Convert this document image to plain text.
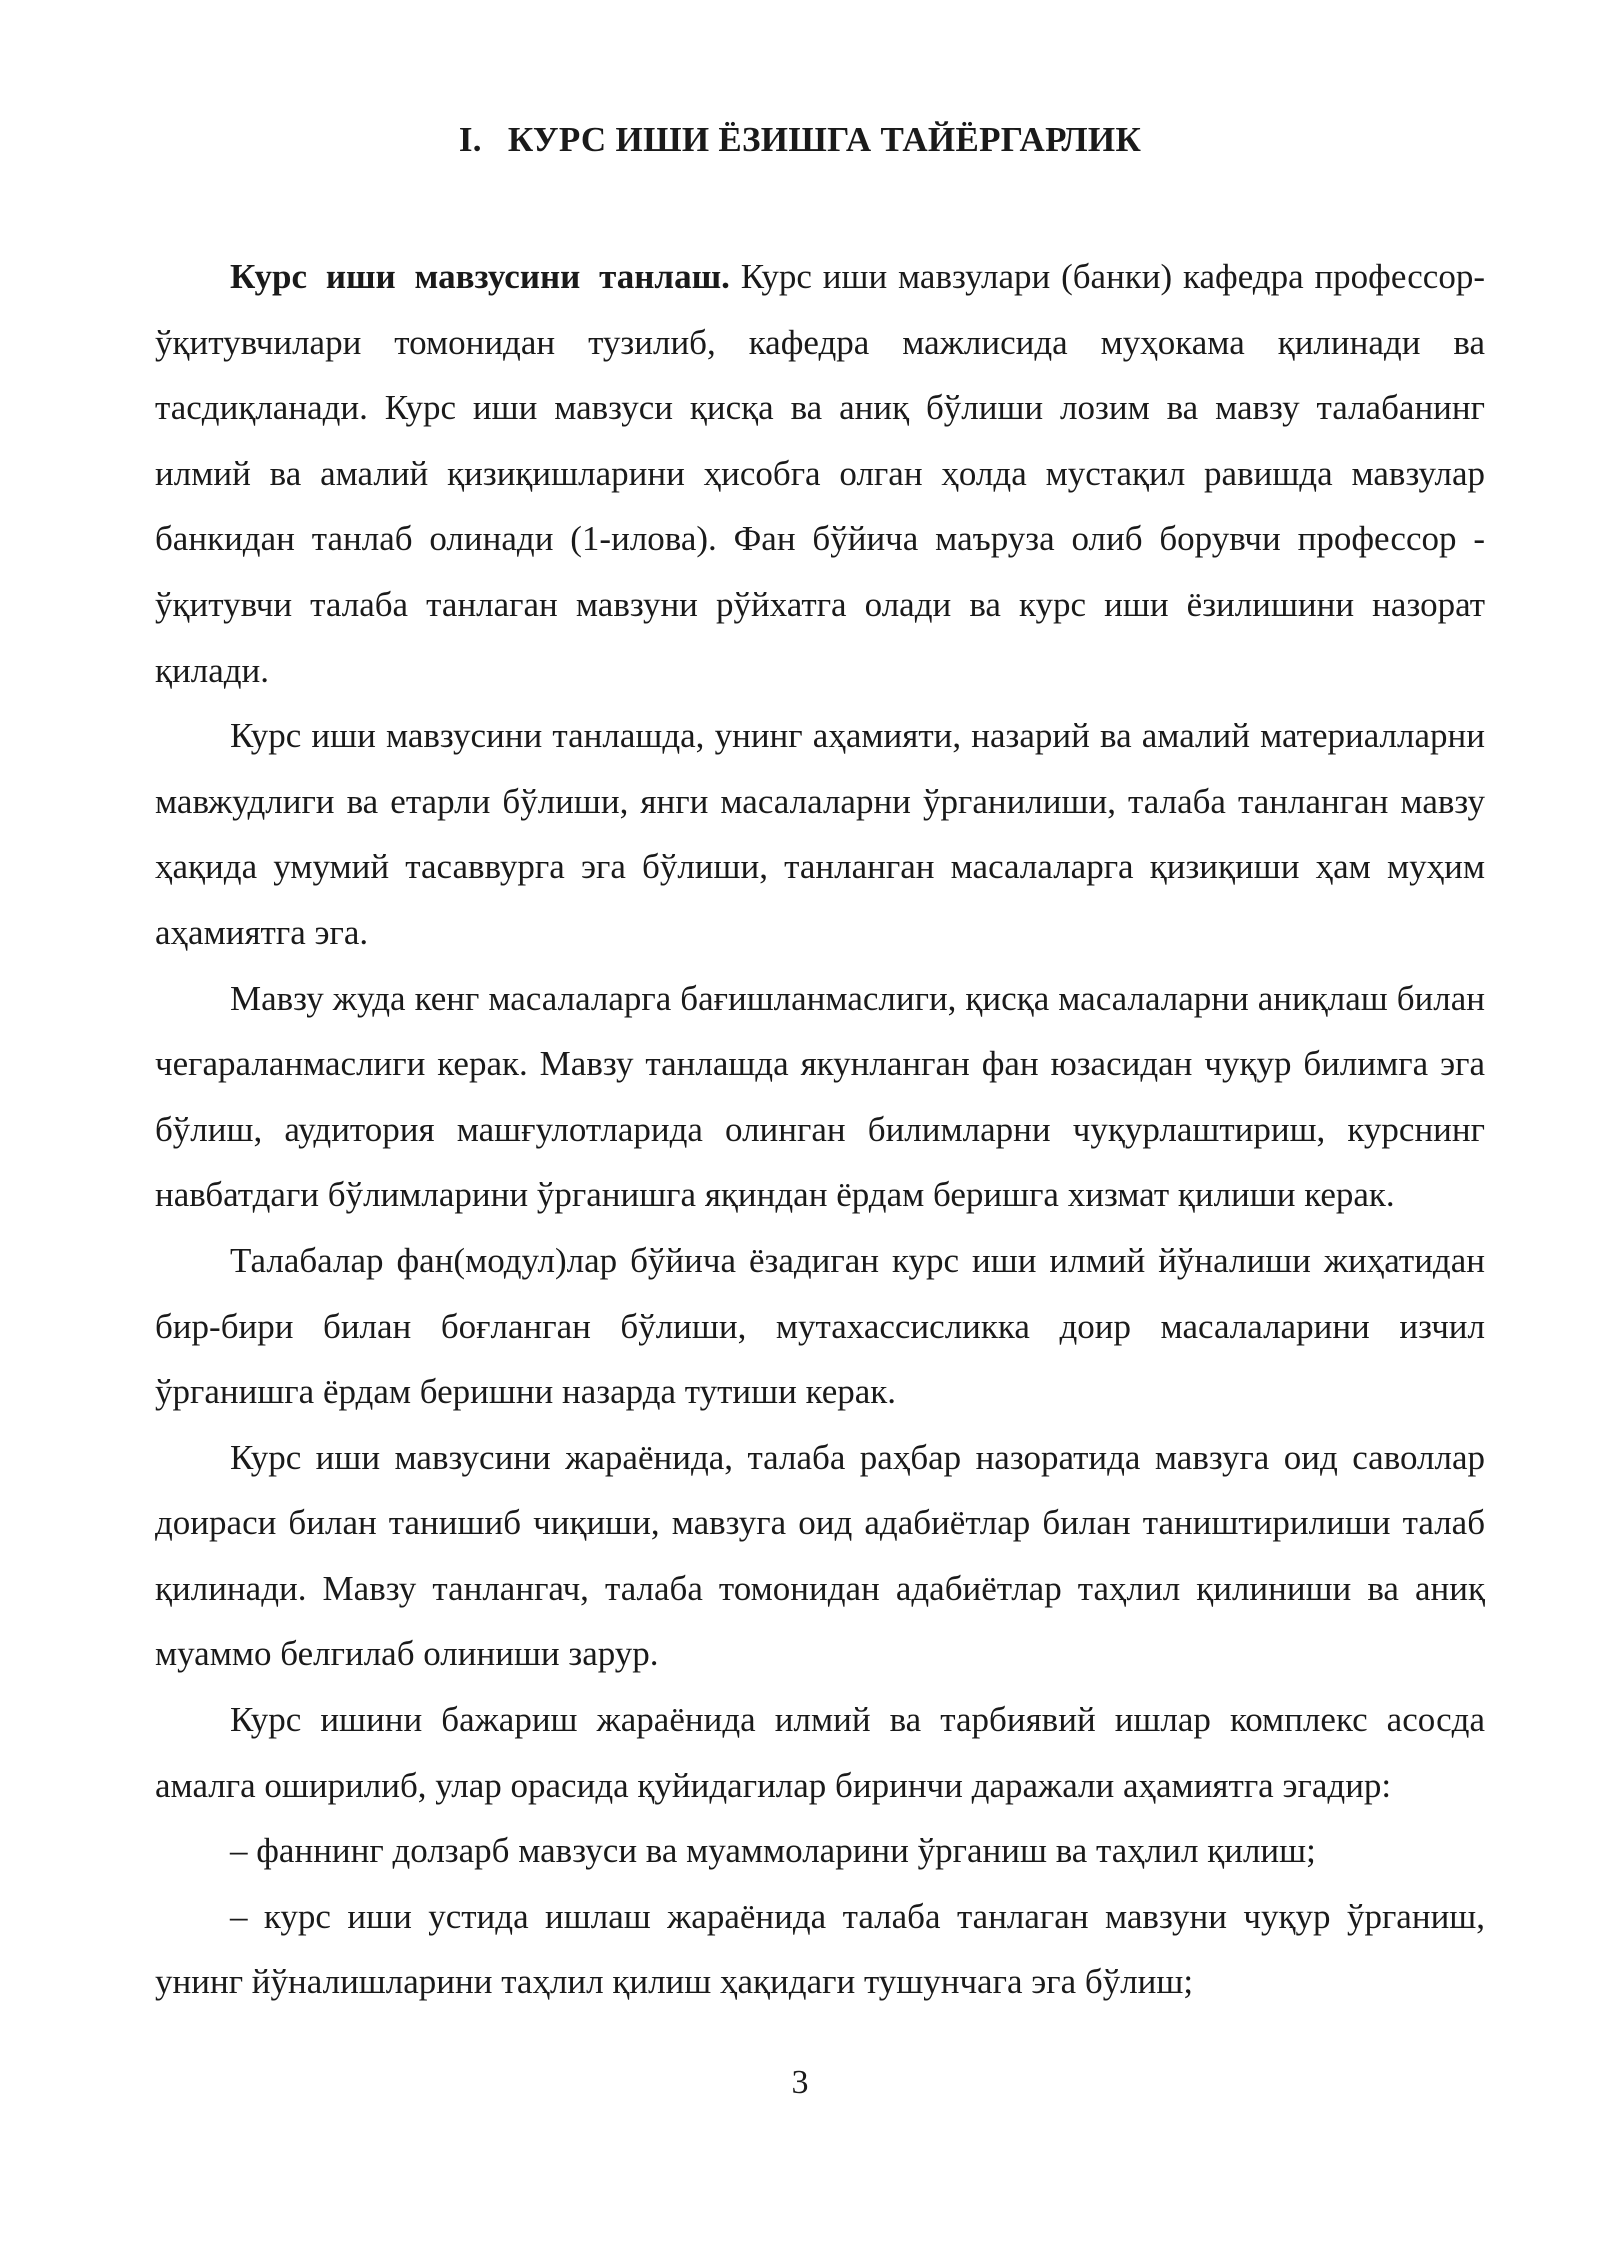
I. КУРС ИШИ ЁЗИШГА ТАЙЁРГАРЛИК

Курс иши мавзусини танлаш. Курс иши мавзулари (банки) кафедра профессор-ўқитувчилари томонидан тузилиб, кафедра мажлисида муҳокама қилинади ва тасдиқланади. Курс иши мавзуси қисқа ва аниқ бўлиши лозим ва мавзу талабанинг илмий ва амалий қизиқишларини ҳисобга олган ҳолда мустақил равишда мавзулар банкидан танлаб олинади (1-илова). Фан бўйича маъруза олиб борувчи профессор - ўқитувчи талаба танлаган мавзуни рўйхатга олади ва курс иши ёзилишини назорат қилади.

Курс иши мавзусини танлашда, унинг аҳамияти, назарий ва амалий материалларни мавжудлиги ва етарли бўлиши, янги масалаларни ўрганилиши, талаба танланган мавзу ҳақида умумий тасаввурга эга бўлиши, танланган масалаларга қизиқиши ҳам муҳим аҳамиятга эга.

Мавзу жуда кенг масалаларга бағишланмаслиги, қисқа масалаларни аниқлаш билан чегараланмаслиги керак. Мавзу танлашда якунланган фан юзасидан чуқур билимга эга бўлиш, аудитория машғулотларида олинган билимларни чуқурлаштириш, курснинг навбатдаги бўлимларини ўрганишга яқиндан ёрдам беришга хизмат қилиши керак.

Талабалар фан(модул)лар бўйича ёзадиган курс иши илмий йўналиши жиҳатидан бир-бири билан боғланган бўлиши, мутахассисликка доир масалаларини изчил ўрганишга ёрдам беришни назарда тутиши керак.

Курс иши мавзусини жараёнида, талаба раҳбар назоратида мавзуга оид саволлар доираси билан танишиб чиқиши, мавзуга оид адабиётлар билан таништирилиши талаб қилинади. Мавзу танлангач, талаба томонидан адабиётлар таҳлил қилиниши ва аниқ муаммо белгилаб олиниши зарур.

Курс ишини бажариш жараёнида илмий ва тарбиявий ишлар комплекс асосда амалга оширилиб, улар орасида қуйидагилар биринчи даражали аҳамиятга эгадир:

– фаннинг долзарб мавзуси ва муаммоларини ўрганиш ва таҳлил қилиш;

– курс иши устида ишлаш жараёнида талаба танлаган мавзуни чуқур ўрганиш, унинг йўналишларини таҳлил қилиш ҳақидаги тушунчага эга бўлиш;

3
